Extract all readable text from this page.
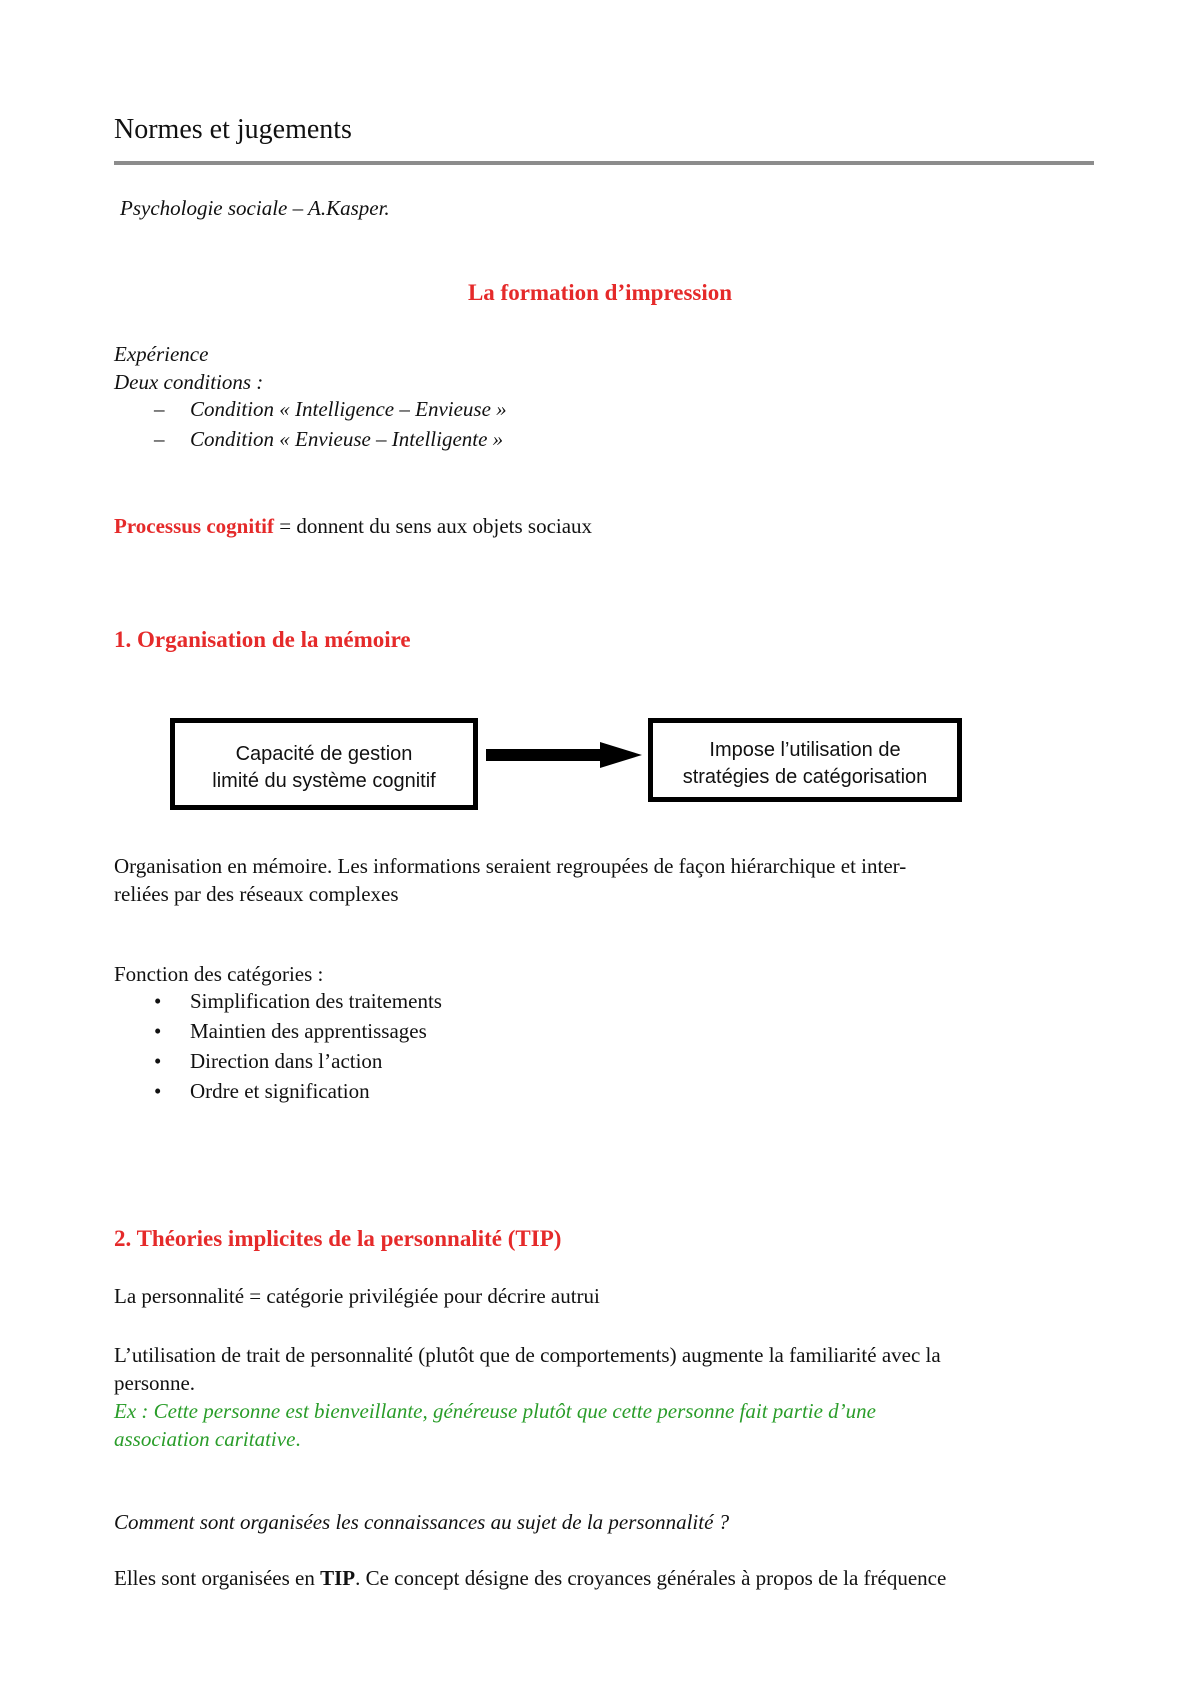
Normes et jugements
Psychologie sociale – A.Kasper.
La formation d’impression
Expérience
Deux conditions :
– Condition « Intelligence – Envieuse »
– Condition « Envieuse – Intelligente »
Processus cognitif = donnent du sens aux objets sociaux
1. Organisation de la mémoire
Capacité de gestion
limité du système cognitif
Impose l’utilisation de
stratégies de catégorisation
Organisation en mémoire. Les informations seraient regroupées de façon hiérarchique et inter-
reliées par des réseaux complexes
Fonction des catégories :
• Simplification des traitements
• Maintien des apprentissages
• Direction dans l’action
• Ordre et signification
2. Théories implicites de la personnalité (TIP)
La personnalité = catégorie privilégiée pour décrire autrui
L’utilisation de trait de personnalité (plutôt que de comportements) augmente la familiarité avec la
personne.
Ex : Cette personne est bienveillante, généreuse plutôt que cette personne fait partie d’une
association caritative.
Comment sont organisées les connaissances au sujet de la personnalité ?
Elles sont organisées en TIP. Ce concept désigne des croyances générales à propos de la fréquence
